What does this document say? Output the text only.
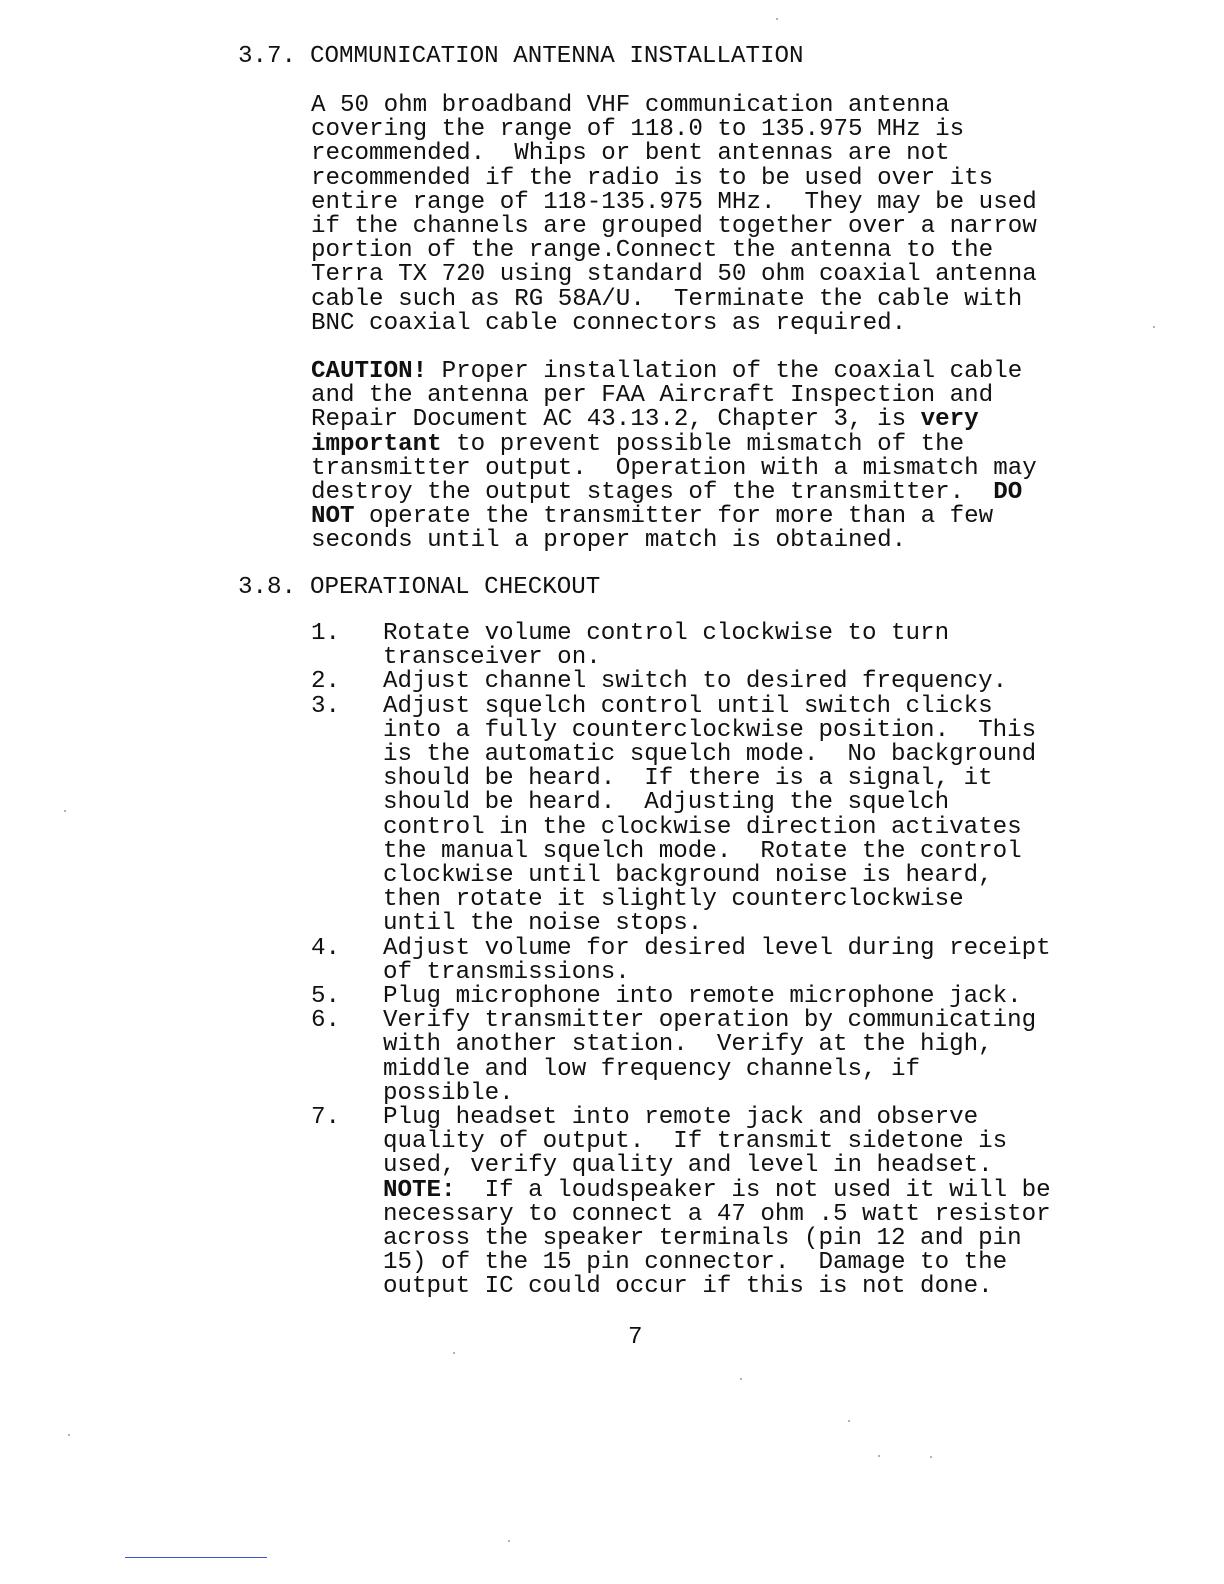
3.7. COMMUNICATION ANTENNA INSTALLATION

A 50 ohm broadband VHF communication antenna

covering the range of 118.0 to 135.975 MHz is

recommended.  Whips or bent antennas are not

recommended if the radio is to be used over its

entire range of 118-135.975 MHz.  They may be used

if the channels are grouped together over a narrow

portion of the range.Connect the antenna to the

Terra TX 720 using standard 50 ohm coaxial antenna

cable such as RG 58A/U.  Terminate the cable with

BNC coaxial cable connectors as required.

CAUTION! Proper installation of the coaxial cable

and the antenna per FAA Aircraft Inspection and

Repair Document AC 43.13.2, Chapter 3, is very

important to prevent possible mismatch of the

transmitter output.  Operation with a mismatch may

destroy the output stages of the transmitter.  DO

NOT operate the transmitter for more than a few

seconds until a proper match is obtained.

3.8. OPERATIONAL CHECKOUT
1.	Rotate volume control clockwise to turn
transceiver on.
2.	Adjust channel switch to desired frequency.
3.	Adjust squelch control until switch clicks
into a fully counterclockwise position.  This
is the automatic squelch mode.  No background
should be heard.  If there is a signal, it
should be heard.  Adjusting the squelch
control in the clockwise direction activates
the manual squelch mode.  Rotate the control
clockwise until background noise is heard,
then rotate it slightly counterclockwise
until the noise stops.
4.	Adjust volume for desired level during receipt
of transmissions.
5.	Plug microphone into remote microphone jack.
6.	Verify transmitter operation by communicating
with another station.  Verify at the high,
middle and low frequency channels, if
possible.
7.	Plug headset into remote jack and observe
quality of output.  If transmit sidetone is
used, verify quality and level in headset.
NOTE:  If a loudspeaker is not used it will be
necessary to connect a 47 ohm .5 watt resistor
across the speaker terminals (pin 12 and pin
15) of the 15 pin connector.  Damage to the
output IC could occur if this is not done.
7
